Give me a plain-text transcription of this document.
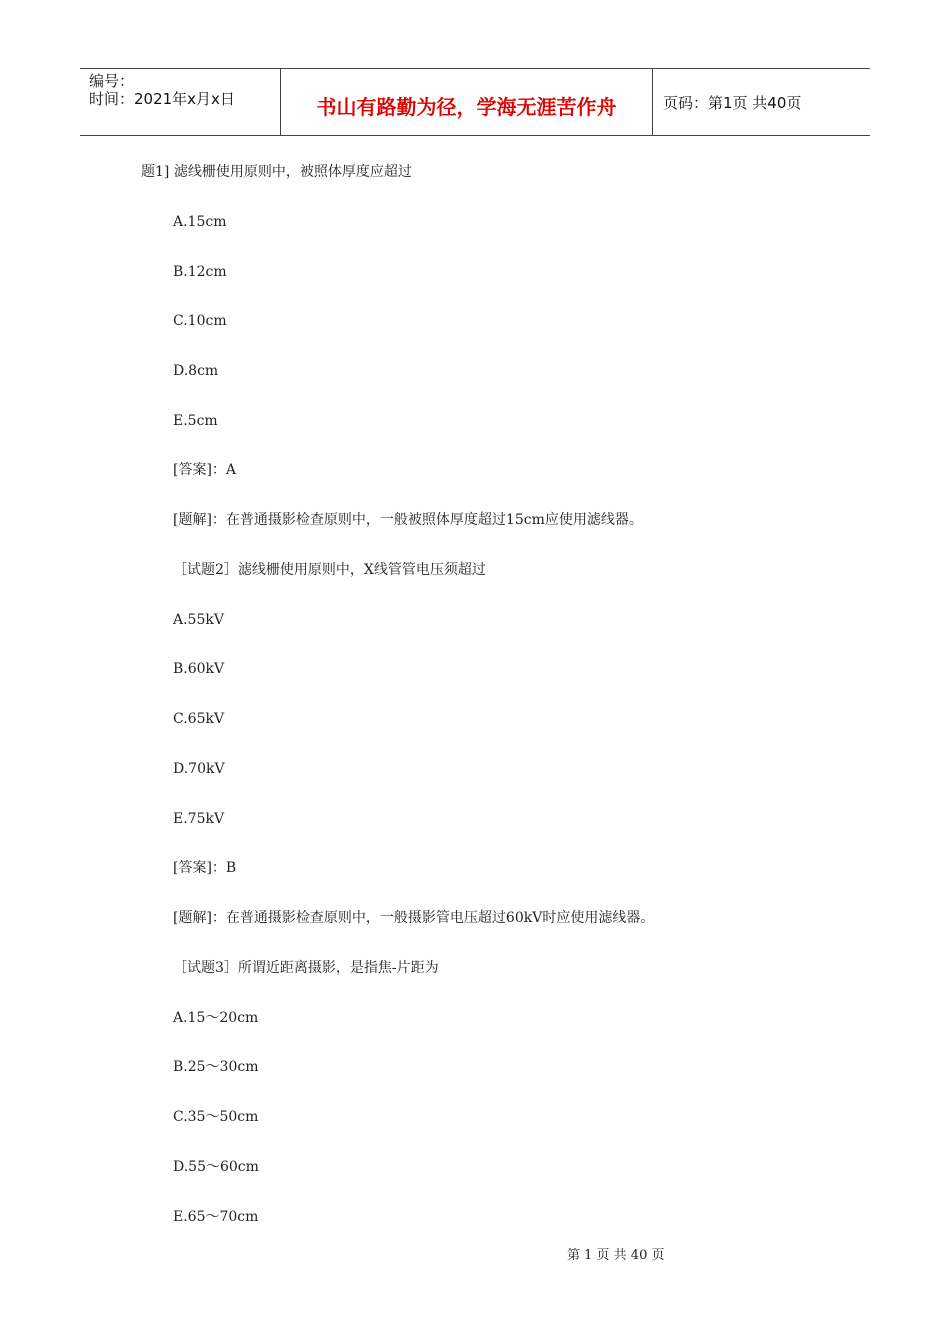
编号：
时间：2021年x月x日	书山有路勤为径，学海无涯苦作舟	页码：第1页 共40页
题1] 滤线栅使用原则中，被照体厚度应超过
A.15cm
B.12cm
C.10cm
D.8cm
E.5cm
[答案]：A
[题解]：在普通摄影检查原则中，一般被照体厚度超过15cm应使用滤线器。
［试题2］滤线栅使用原则中，X线管管电压须超过
A.55kV
B.60kV
C.65kV
D.70kV
E.75kV
[答案]：B
[题解]：在普通摄影检查原则中，一般摄影管电压超过60kV时应使用滤线器。
［试题3］所谓近距离摄影，是指焦-片距为
A.15～20cm
B.25～30cm
C.35～50cm
D.55～60cm
E.65～70cm
第 1 页 共 40 页
